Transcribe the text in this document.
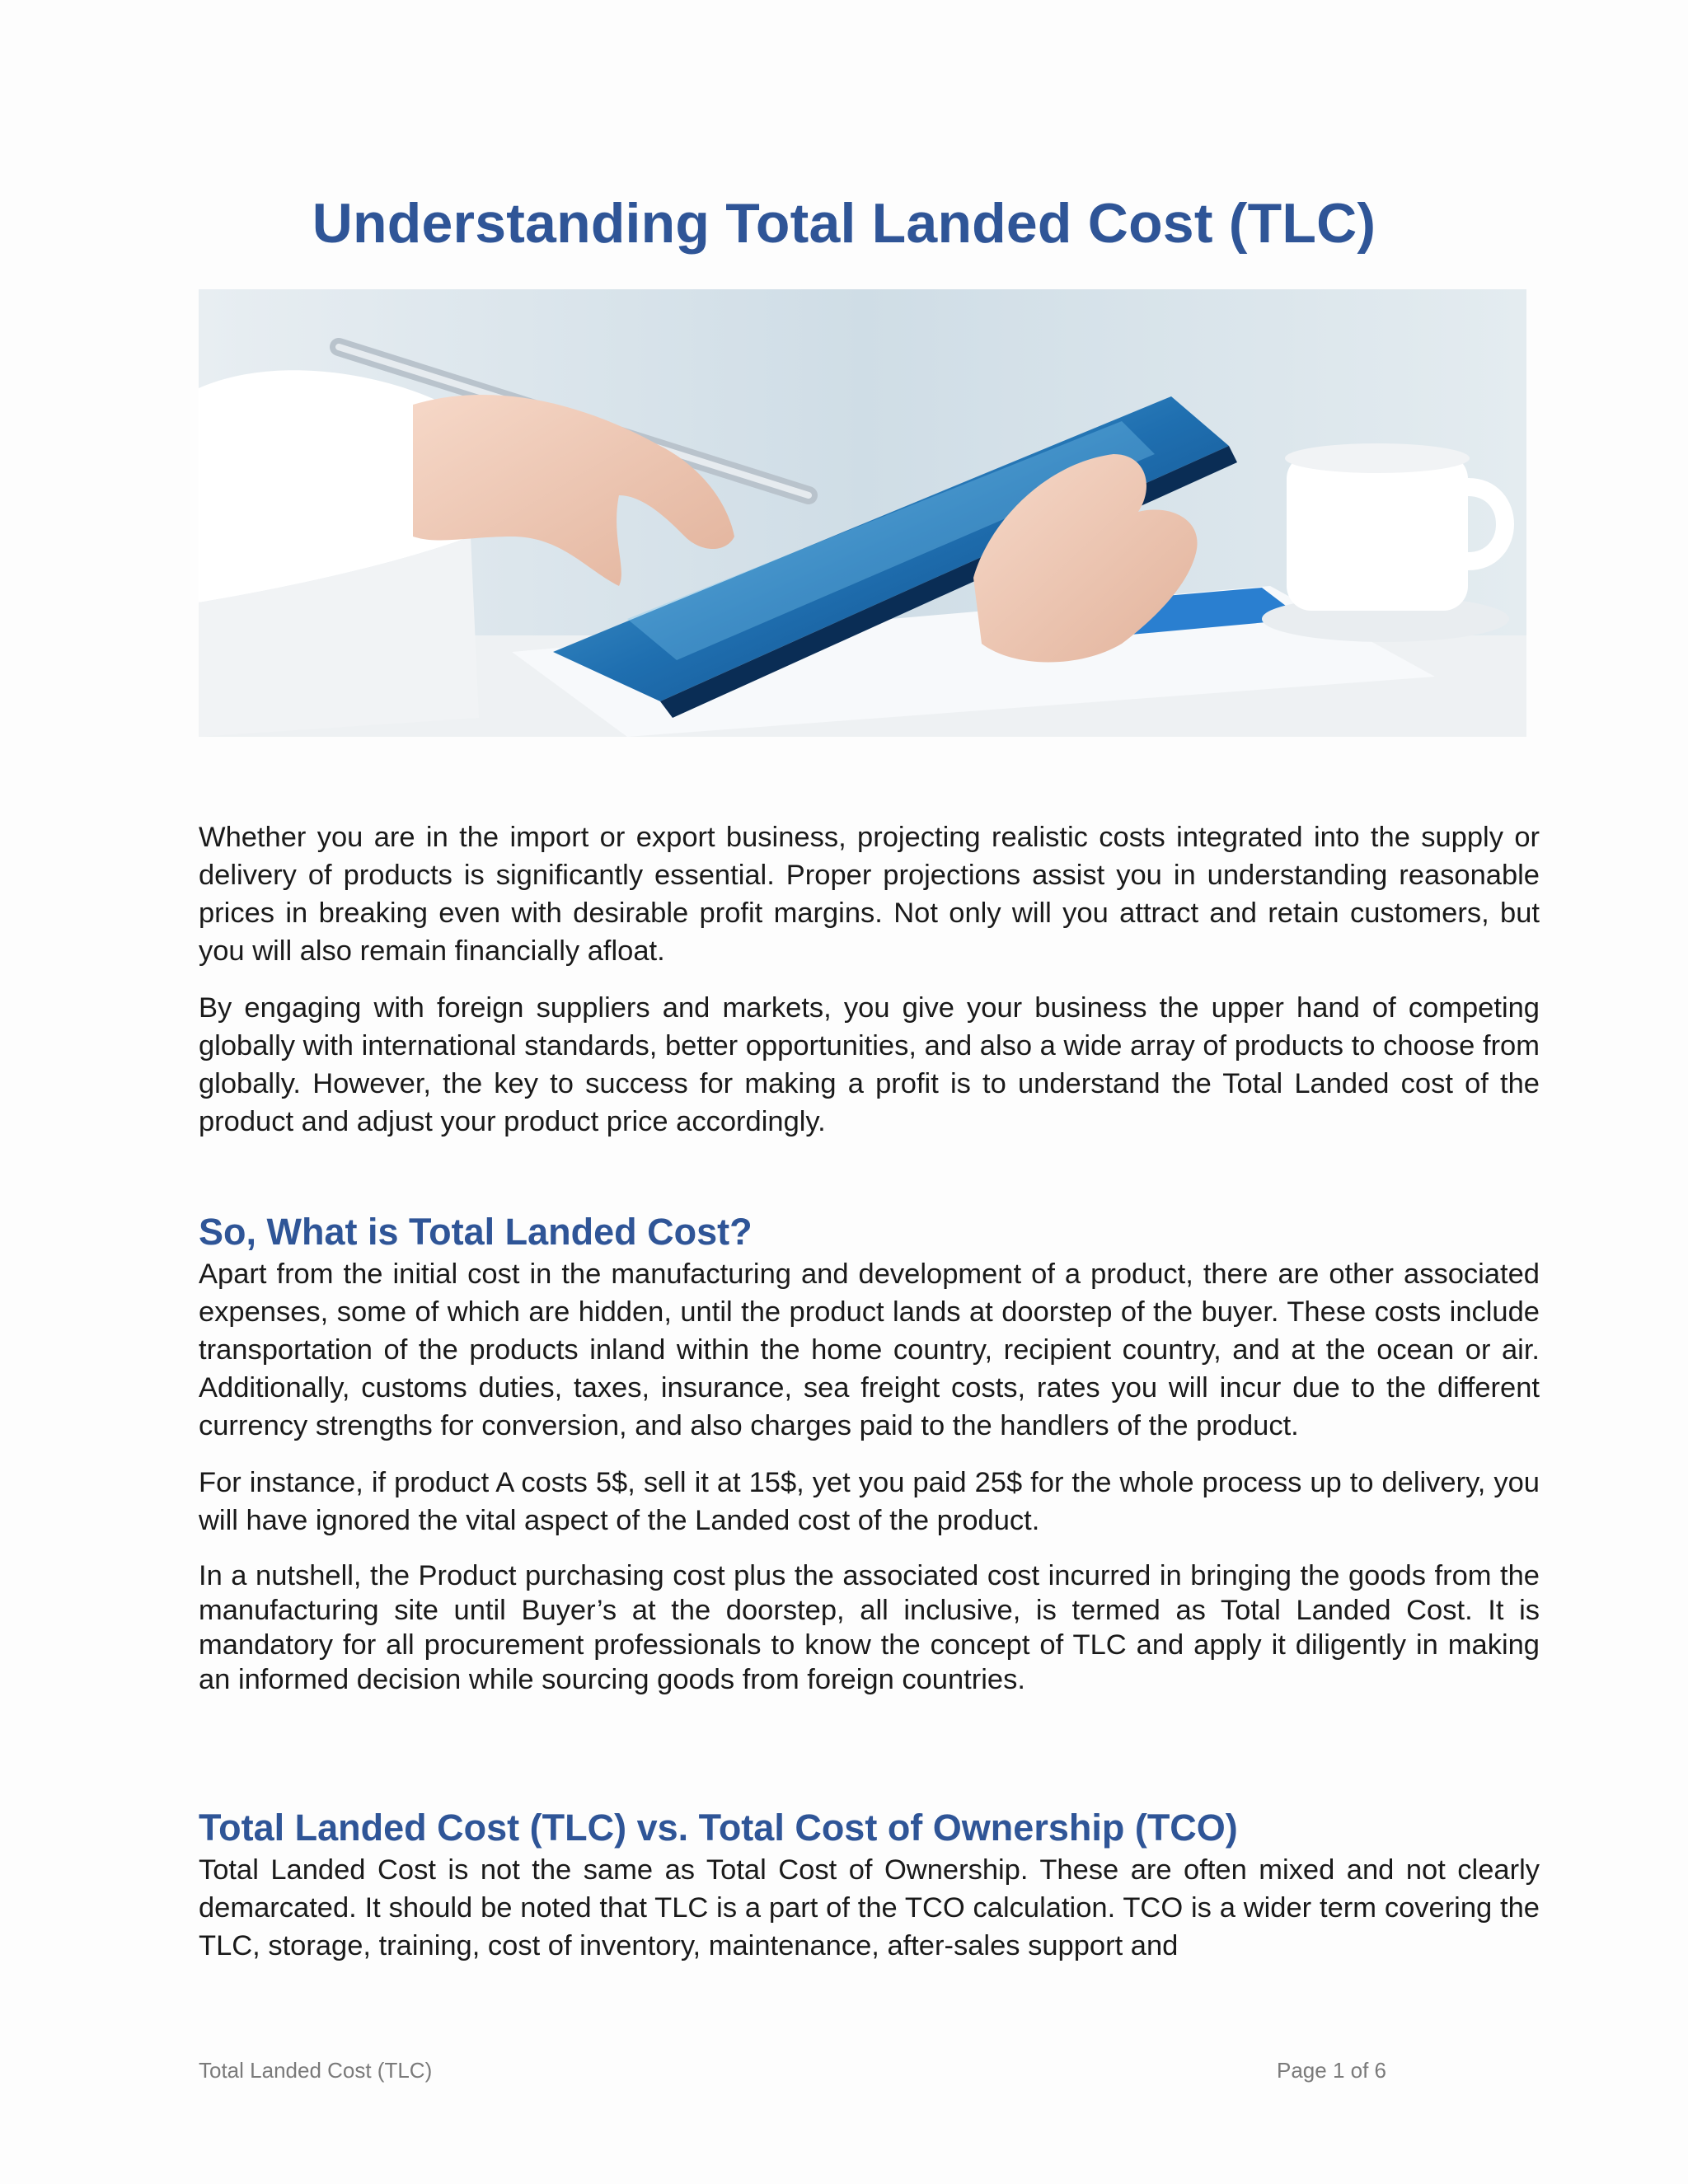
Understanding Total Landed Cost (TLC)

Whether you are in the import or export business, projecting realistic costs integrated into the supply or delivery of products is significantly essential. Proper projections assist you in understanding reasonable prices in breaking even with desirable profit margins. Not only will you attract and retain customers, but you will also remain financially afloat.

By engaging with foreign suppliers and markets, you give your business the upper hand of competing globally with international standards, better opportunities, and also a wide array of products to choose from globally. However, the key to success for making a profit is to understand the Total Landed cost of the product and adjust your product price accordingly.

So, What is Total Landed Cost?

Apart from the initial cost in the manufacturing and development of a product, there are other associated expenses, some of which are hidden, until the product lands at doorstep of the buyer. These costs include transportation of the products inland within the home country, recipient country, and at the ocean or air. Additionally, customs duties, taxes, insurance, sea freight costs, rates you will incur due to the different currency strengths for conversion, and also charges paid to the handlers of the product.

For instance, if product A costs 5$, sell it at 15$, yet you paid 25$ for the whole process up to delivery, you will have ignored the vital aspect of the Landed cost of the product.

In a nutshell, the Product purchasing cost plus the associated cost incurred in bringing the goods from the manufacturing site until Buyer’s at the doorstep, all inclusive, is termed as Total Landed Cost. It is mandatory for all procurement professionals to know the concept of TLC and apply it diligently in making an informed decision while sourcing goods from foreign countries.

Total Landed Cost (TLC) vs. Total Cost of Ownership (TCO)

Total Landed Cost is not the same as Total Cost of Ownership. These are often mixed and not clearly demarcated. It should be noted that TLC is a part of the TCO calculation. TCO is a wider term covering the TLC, storage, training, cost of inventory, maintenance, after-sales support and

Total Landed Cost (TLC)	Page 1 of 6
